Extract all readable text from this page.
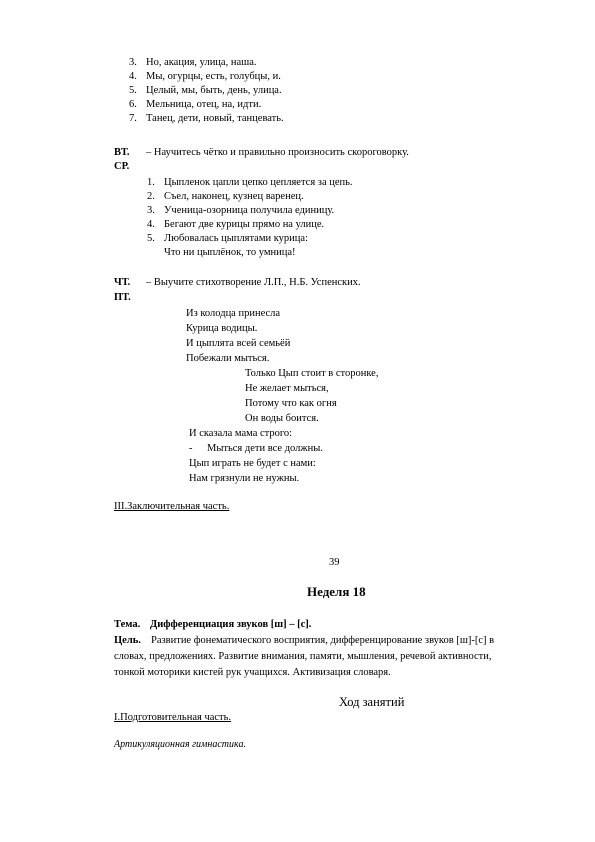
3. Но, акация, улица, наша.
4. Мы, огурцы, есть, голубцы, и.
5. Целый, мы, быть, день, улица.
6. Мельница, отец, на, идти.
7. Танец, дети, новый, танцевать.
ВТ. – Научитесь чётко и правильно произносить скороговорку.
СР.
1. Цыпленок цапли цепко цепляется за цепь.
2. Съел, наконец, кузнец варенец.
3. Ученица-озорница получила единицу.
4. Бегают две курицы прямо на улице.
5. Любовалась цыплятами курица:
Что ни цыплёнок, то умница!
ЧТ. – Выучите стихотворение Л.П., Н.Б. Успенских.
ПТ.
Из колодца принесла
Курица водицы.
И цыплята всей семьёй
Побежали мыться.
Только Цып стоит в сторонке,
Не желает мыться,
Потому что как огня
Он воды боится.
И сказала мама строго:
- Мыться дети все должны.
Цып играть не будет с нами:
Нам грязнули не нужны.
III.Заключительная часть.
39
Неделя 18
Тема. Дифференциация звуков [ш] – [с].
Цель. Развитие фонематического восприятия, дифференцирование звуков [ш]-[с] в
словах, предложениях. Развитие внимания, памяти, мышления, речевой активности,
тонкой моторики кистей рук учащихся. Активизация словаря.
Ход занятий
I.Подготовительная часть.
Артикуляционная гимнастика.
